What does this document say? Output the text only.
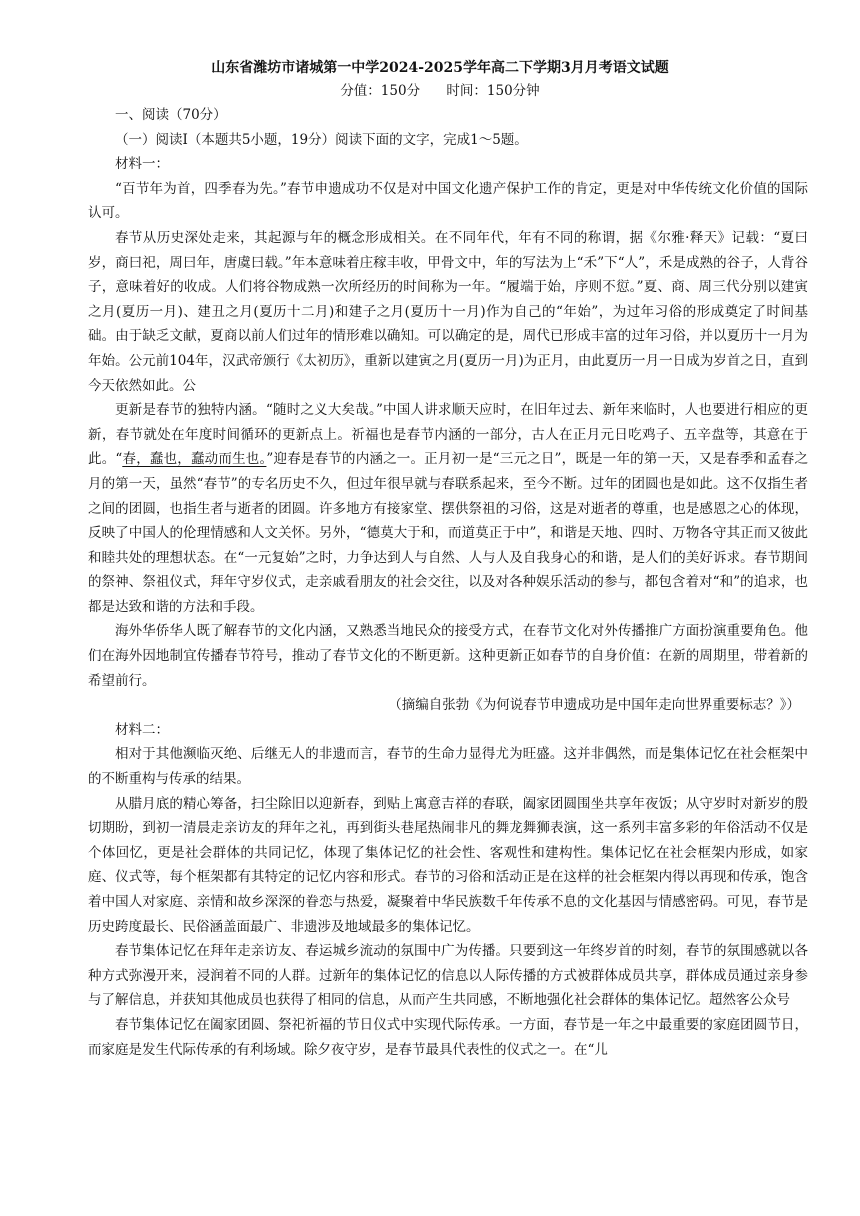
山东省潍坊市诸城第一中学2024-2025学年高二下学期3月月考语文试题
分值：150分 时间：150分钟

一、阅读（70分）

（一）阅读Ⅰ（本题共5小题，19分）阅读下面的文字，完成1～5题。

材料一：

“百节年为首，四季春为先。”春节申遗成功不仅是对中国文化遗产保护工作的肯定，更是对中华传统文化价值的国际认可。

春节从历史深处走来，其起源与年的概念形成相关。在不同年代，年有不同的称谓，据《尔雅·释天》记载：“夏曰岁，商曰祀，周曰年，唐虞曰载。”年本意味着庄稼丰收，甲骨文中，年的写法为上“禾”下“人”，禾是成熟的谷子，人背谷子，意味着好的收成。人们将谷物成熟一次所经历的时间称为一年。“履端于始，序则不愆。”夏、商、周三代分别以建寅之月(夏历一月)、建丑之月(夏历十二月)和建子之月(夏历十一月)作为自己的“年始”，为过年习俗的形成奠定了时间基础。由于缺乏文献，夏商以前人们过年的情形难以确知。可以确定的是，周代已形成丰富的过年习俗，并以夏历十一月为年始。公元前104年，汉武帝颁行《太初历》，重新以建寅之月(夏历一月)为正月，由此夏历一月一日成为岁首之日，直到今天依然如此。公

更新是春节的独特内涵。“随时之义大矣哉。”中国人讲求顺天应时，在旧年过去、新年来临时，人也要进行相应的更新，春节就处在年度时间循环的更新点上。祈福也是春节内涵的一部分，古人在正月元日吃鸡子、五辛盘等，其意在于此。“春，蠢也，蠢动而生也。”迎春是春节的内涵之一。正月初一是“三元之日”，既是一年的第一天，又是春季和孟春之月的第一天，虽然“春节”的专名历史不久，但过年很早就与春联系起来，至今不断。过年的团圆也是如此。这不仅指生者之间的团圆，也指生者与逝者的团圆。许多地方有接家堂、摆供祭祖的习俗，这是对逝者的尊重，也是感恩之心的体现，反映了中国人的伦理情感和人文关怀。另外，“德莫大于和，而道莫正于中”，和谐是天地、四时、万物各守其正而又彼此和睦共处的理想状态。在“一元复始”之时，力争达到人与自然、人与人及自我身心的和谐，是人们的美好诉求。春节期间的祭神、祭祖仪式，拜年守岁仪式，走亲戚看朋友的社会交往，以及对各种娱乐活动的参与，都包含着对“和”的追求，也都是达致和谐的方法和手段。

海外华侨华人既了解春节的文化内涵，又熟悉当地民众的接受方式，在春节文化对外传播推广方面扮演重要角色。他们在海外因地制宜传播春节符号，推动了春节文化的不断更新。这种更新正如春节的自身价值：在新的周期里，带着新的希望前行。

（摘编自张勃《为何说春节申遗成功是中国年走向世界重要标志？》）

材料二：

相对于其他濒临灭绝、后继无人的非遗而言，春节的生命力显得尤为旺盛。这并非偶然，而是集体记忆在社会框架中的不断重构与传承的结果。

从腊月底的精心筹备，扫尘除旧以迎新春，到贴上寓意吉祥的春联，阖家团圆围坐共享年夜饭；从守岁时对新岁的殷切期盼，到初一清晨走亲访友的拜年之礼，再到街头巷尾热闹非凡的舞龙舞狮表演，这一系列丰富多彩的年俗活动不仅是个体回忆，更是社会群体的共同记忆，体现了集体记忆的社会性、客观性和建构性。集体记忆在社会框架内形成，如家庭、仪式等，每个框架都有其特定的记忆内容和形式。春节的习俗和活动正是在这样的社会框架内得以再现和传承，饱含着中国人对家庭、亲情和故乡深深的眷恋与热爱，凝聚着中华民族数千年传承不息的文化基因与情感密码。可见，春节是历史跨度最长、民俗涵盖面最广、非遗涉及地域最多的集体记忆。

春节集体记忆在拜年走亲访友、春运城乡流动的氛围中广为传播。只要到这一年终岁首的时刻，春节的氛围感就以各种方式弥漫开来，浸润着不同的人群。过新年的集体记忆的信息以人际传播的方式被群体成员共享，群体成员通过亲身参与了解信息，并获知其他成员也获得了相同的信息，从而产生共同感，不断地强化社会群体的集体记忆。超然客公众号

春节集体记忆在阖家团圆、祭祀祈福的节日仪式中实现代际传承。一方面，春节是一年之中最重要的家庭团圆节日，而家庭是发生代际传承的有利场域。除夕夜守岁，是春节最具代表性的仪式之一。在“儿
